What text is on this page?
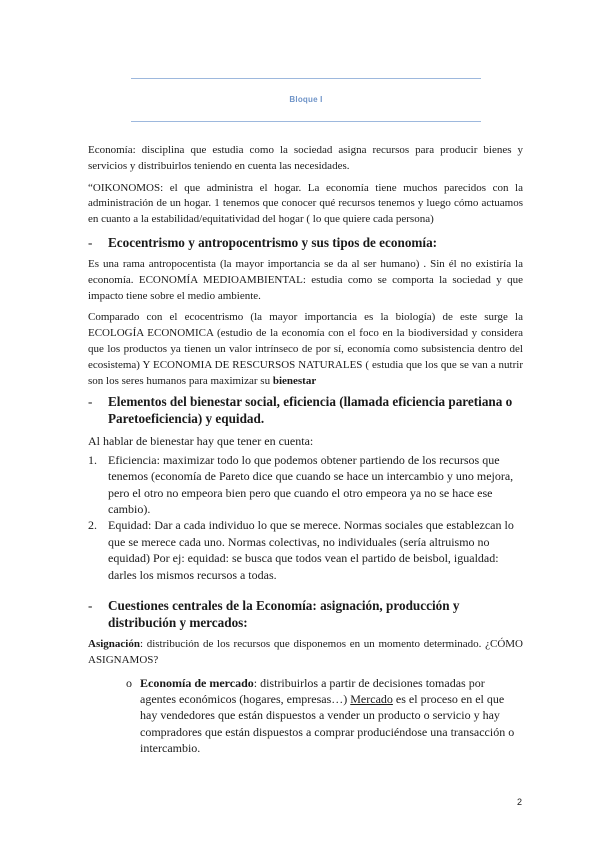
Bloque I

Economía: disciplina que estudia como la sociedad asigna recursos para producir bienes y servicios y distribuirlos teniendo en cuenta las necesidades.

“OIKONOMOS: el que administra el hogar. La economía tiene muchos parecidos con la administración de un hogar. 1 tenemos que conocer qué recursos tenemos y luego cómo actuamos en cuanto a la estabilidad/equitatividad del hogar ( lo que quiere cada persona)

-	Ecocentrismo y antropocentrismo y sus tipos de economía:

Es una rama antropocentista (la mayor importancia se da al ser humano) . Sin él no existiría la economía. ECONOMÍA MEDIOAMBIENTAL: estudia como se comporta la sociedad y que impacto tiene sobre el medio ambiente.

Comparado con el ecocentrismo (la mayor importancia es la biología) de este surge la ECOLOGÍA ECONOMICA (estudio de la economía con el foco en la biodiversidad y considera que los productos ya tienen un valor intrínseco de por sí, economía como subsistencia dentro del ecosistema) Y ECONOMIA DE RESCURSOS NATURALES ( estudia que los que se van a nutrir son los seres humanos para maximizar su bienestar

-	Elementos del bienestar social, eficiencia (llamada eficiencia paretiana o Paretoeficiencia) y equidad.

Al hablar de bienestar hay que tener en cuenta:

1. Eficiencia: maximizar todo lo que podemos obtener partiendo de los recursos que tenemos (economía de Pareto dice que cuando se hace un intercambio y uno mejora, pero el otro no empeora bien pero que cuando el otro empeora ya no se hace ese cambio).
2. Equidad: Dar a cada individuo lo que se merece. Normas sociales que establezcan lo que se merece cada uno. Normas colectivas, no individuales (sería altruismo no equidad) Por ej: equidad: se busca que todos vean el partido de beisbol, igualdad: darles los mismos recursos a todas.
-	Cuestiones centrales de la Economía: asignación, producción y distribución y mercados:

Asignación: distribución de los recursos que disponemos en un momento determinado. ¿CÓMO ASIGNAMOS?

o Economía de mercado: distribuirlos a partir de decisiones tomadas por agentes económicos (hogares, empresas…) Mercado es el proceso en el que hay vendedores que están dispuestos a vender un producto o servicio y hay compradores que están dispuestos a comprar produciéndose una transacción o intercambio.
2
